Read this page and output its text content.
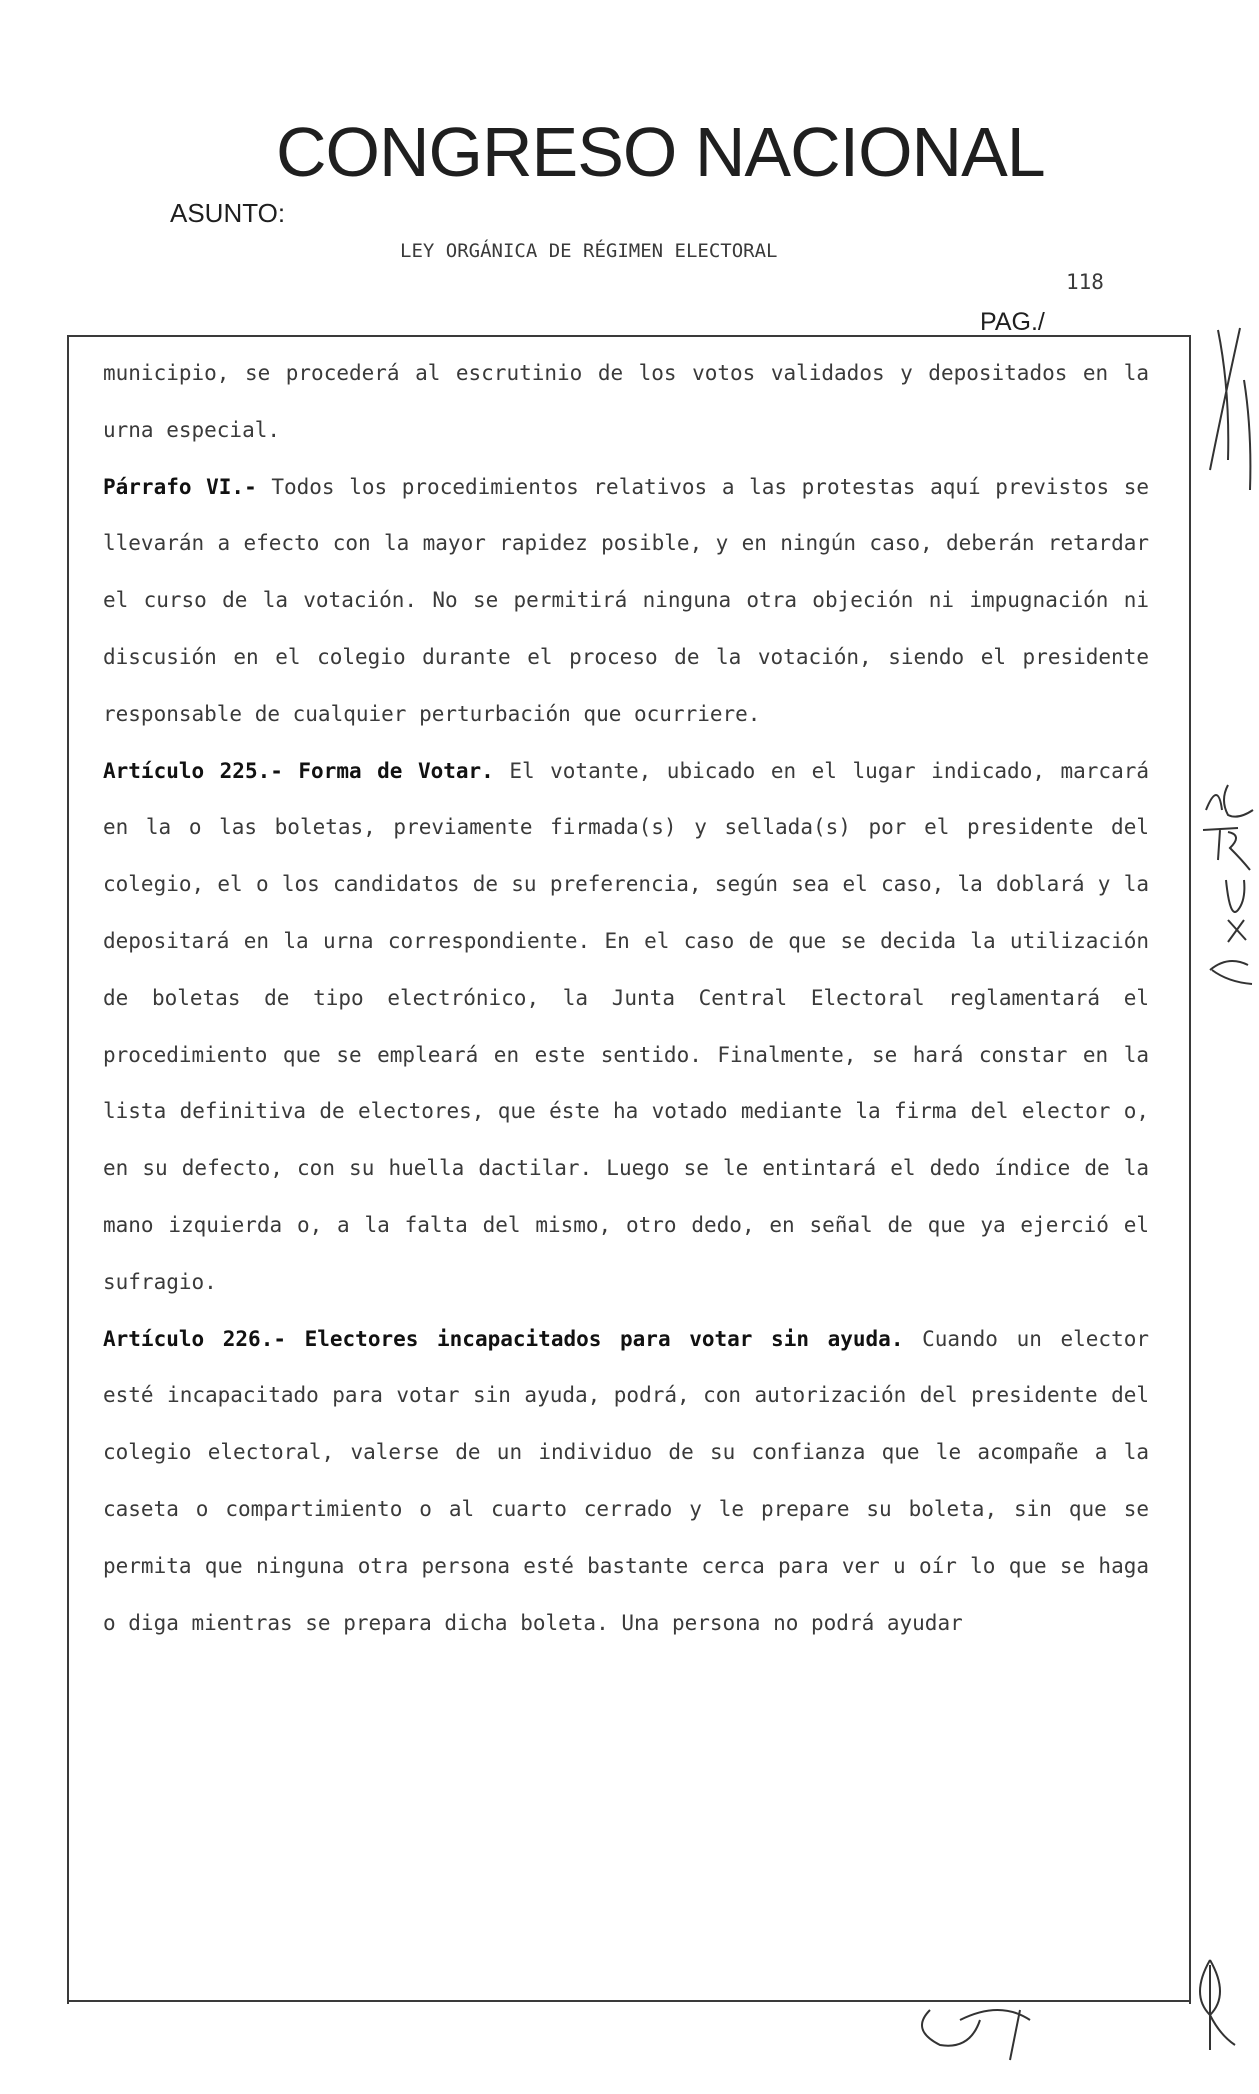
CONGRESO NACIONAL
ASUNTO:
LEY ORGÁNICA DE RÉGIMEN ELECTORAL
118
PAG./

municipio, se procederá al escrutinio de los votos validados y depositados en la urna especial.

Párrafo VI.- Todos los procedimientos relativos a las protestas aquí previstos se llevarán a efecto con la mayor rapidez posible, y en ningún caso, deberán retardar el curso de la votación. No se permitirá ninguna otra objeción ni impugnación ni discusión en el colegio durante el proceso de la votación, siendo el presidente responsable de cualquier perturbación que ocurriere.

Artículo 225.- Forma de Votar. El votante, ubicado en el lugar indicado, marcará en la o las boletas, previamente firmada(s) y sellada(s) por el presidente del colegio, el o los candidatos de su preferencia, según sea el caso, la doblará y la depositará en la urna correspondiente. En el caso de que se decida la utilización de boletas de tipo electrónico, la Junta Central Electoral reglamentará el procedimiento que se empleará en este sentido. Finalmente, se hará constar en la lista definitiva de electores, que éste ha votado mediante la firma del elector o, en su defecto, con su huella dactilar. Luego se le entintará el dedo índice de la mano izquierda o, a la falta del mismo, otro dedo, en señal de que ya ejerció el sufragio.

Artículo 226.- Electores incapacitados para votar sin ayuda. Cuando un elector esté incapacitado para votar sin ayuda, podrá, con autorización del presidente del colegio electoral, valerse de un individuo de su confianza que le acompañe a la caseta o compartimiento o al cuarto cerrado y le prepare su boleta, sin que se permita que ninguna otra persona esté bastante cerca para ver u oír lo que se haga o diga mientras se prepara dicha boleta. Una persona no podrá ayudar
